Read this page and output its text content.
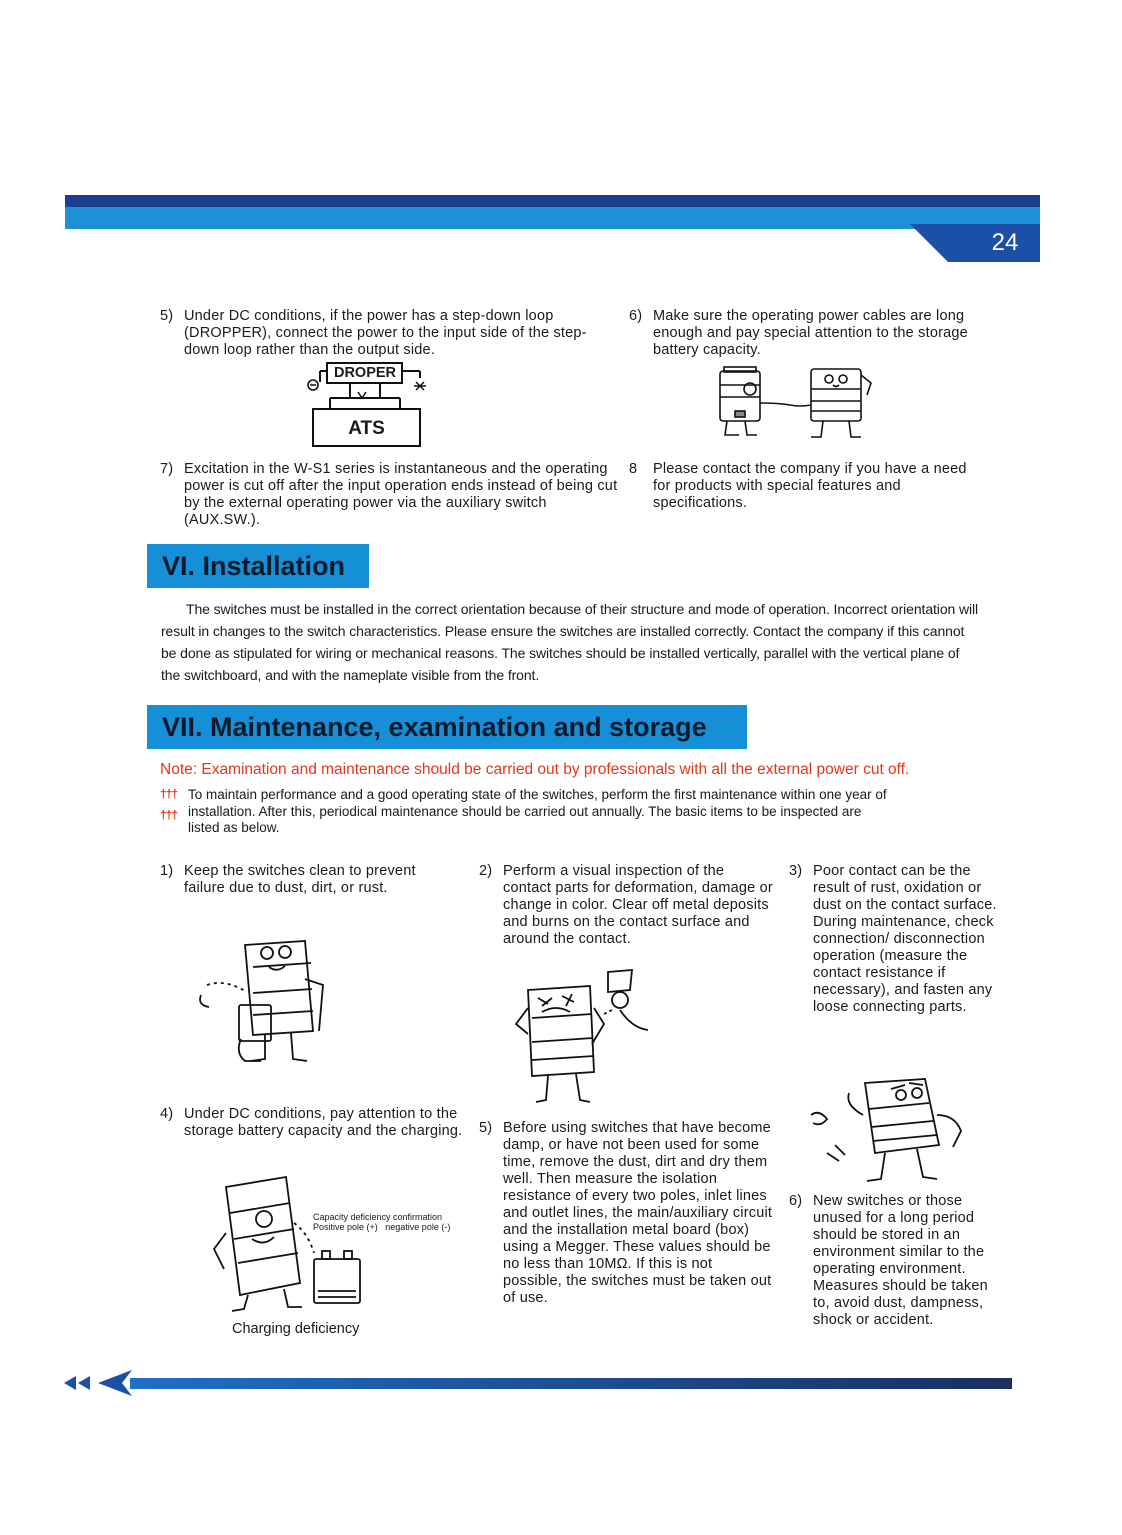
24
5) Under DC conditions, if the power has a step-down loop (DROPPER), connect the power to the input side of the step-down loop rather than the output side.
6) Make sure the operating power cables are long enough and pay special attention to the storage battery capacity.
DROPER
ATS
7) Excitation in the W-S1 series is instantaneous and the operating power is cut off after the input operation ends instead of being cut by the external operating power via the auxiliary switch (AUX.SW.).
8 Please contact the company if you have a need for products with special features and specifications.
VI. Installation
The switches must be installed in the correct orientation because of their structure and mode of operation. Incorrect orientation will result in changes to the switch characteristics. Please ensure the switches are installed correctly. Contact the company if this cannot be done as stipulated for wiring or mechanical reasons. The switches should be installed vertically, parallel with the vertical plane of the switchboard, and with the nameplate visible from the front.
VII. Maintenance, examination and storage
Note: Examination and maintenance should be carried out by professionals with all the external power cut off.
††† To maintain performance and a good operating state of the switches, perform the first maintenance within one year of
††† installation. After this, periodical maintenance should be carried out annually. The basic items to be inspected are
listed as below.
1) Keep the switches clean to prevent failure due to dust, dirt, or rust.
2) Perform a visual inspection of the contact parts for deformation, damage or change in color. Clear off metal deposits and burns on the contact surface and around the contact.
3) Poor contact can be the result of rust, oxidation or dust on the contact surface. During maintenance, check connection/ disconnection operation (measure the contact resistance if necessary), and fasten any loose connecting parts.
4) Under DC conditions, pay attention to the storage battery capacity and the charging.	5) Before using switches that have become damp, or have not been used for some time, remove the dust, dirt and dry them well. Then measure the isolation resistance of every two poles, inlet lines and outlet lines, the main/auxiliary circuit and the installation metal board (box) using a Megger. These values should be no less than 10MΩ. If this is not possible, the switches must be taken out of use.
6) New switches or those unused for a long period should be stored in an environment similar to the operating environment. Measures should be taken to, avoid dust, dampness, shock or accident.
Capacity deficiency confirmation
Positive pole (+)   negative pole (-)
Charging deficiency
